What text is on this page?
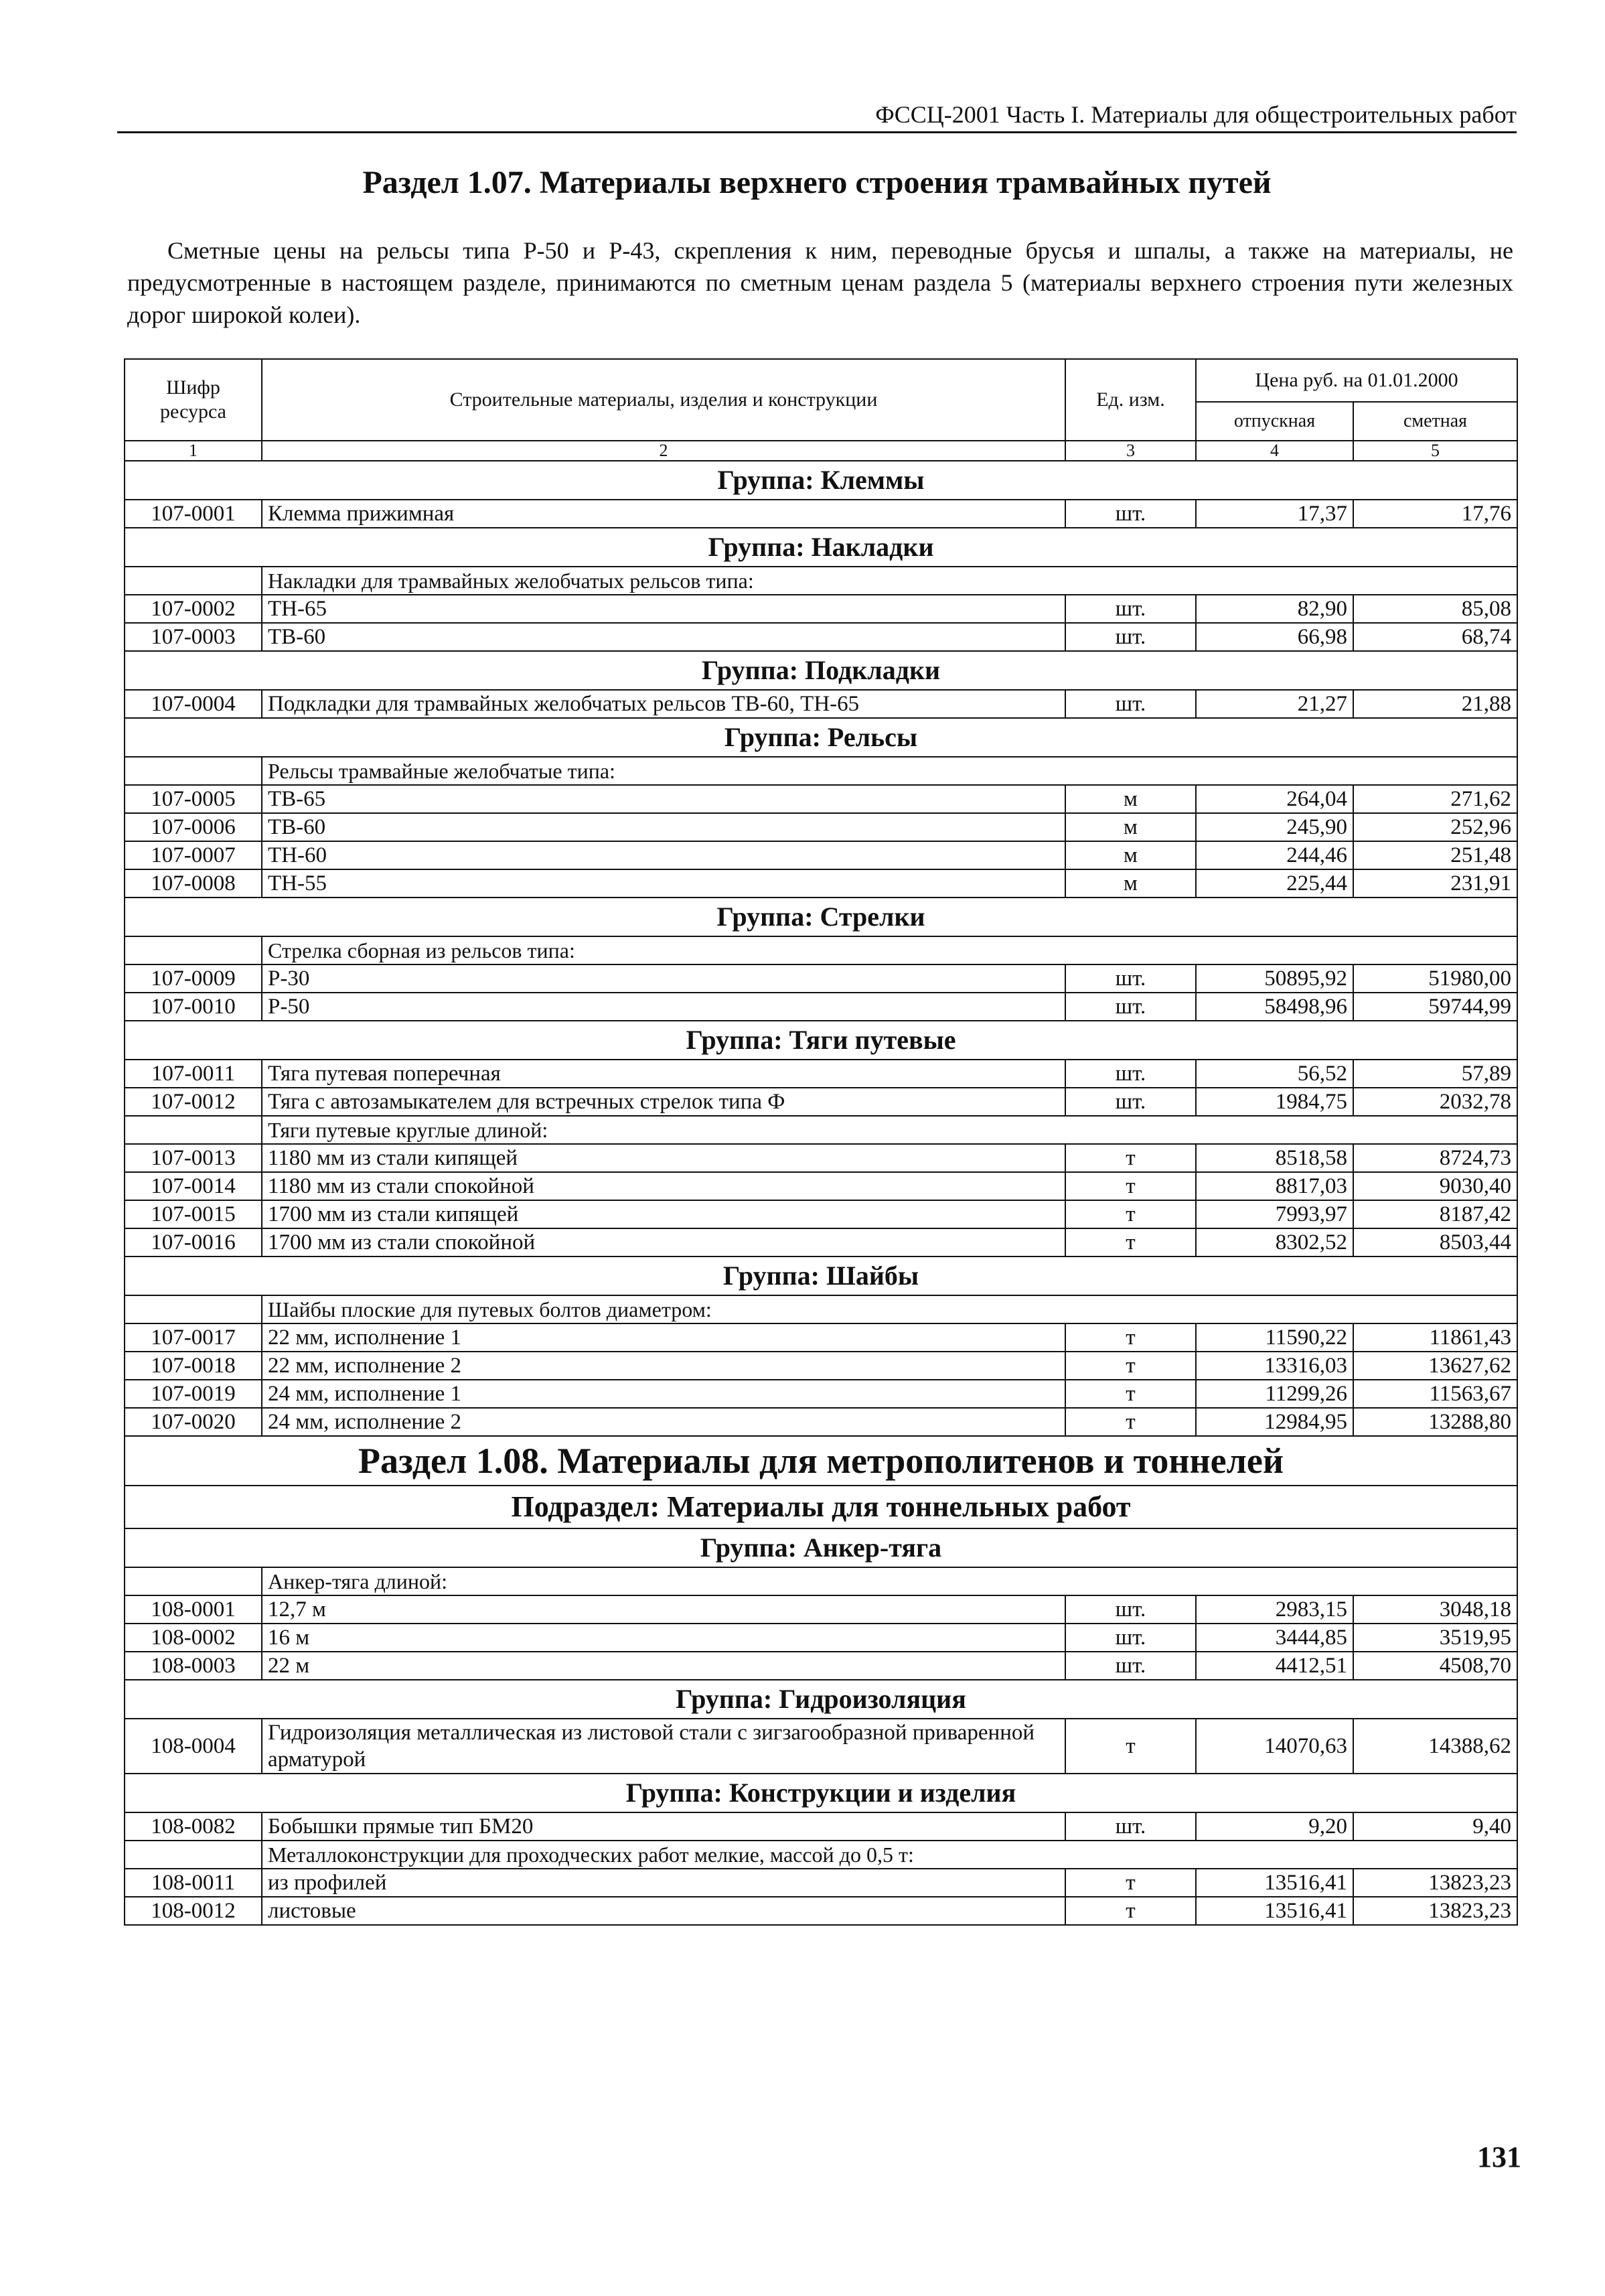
ФССЦ-2001 Часть I. Материалы для общестроительных работ
Раздел 1.07. Материалы верхнего строения трамвайных путей
Сметные цены на рельсы типа Р-50 и Р-43, скрепления к ним, переводные брусья и шпалы, а также на материалы, не предусмотренные в настоящем разделе, принимаются по сметным ценам раздела 5 (материалы верхнего строения пути железных дорог широкой колеи).
Шифр ресурса	Строительные материалы, изделия и конструкции	Ед. изм.	Цена руб. на 01.01.2000	
			отпускная	сметная
1	2	3	4	5
Группа: Клеммы				
107-0001	Клемма прижимная	шт.	17,37	17,76
Группа: Накладки				
	Накладки для трамвайных желобчатых рельсов типа:			
107-0002	ТН-65	шт.	82,90	85,08
107-0003	ТВ-60	шт.	66,98	68,74
Группа: Подкладки				
107-0004	Подкладки для трамвайных желобчатых рельсов ТВ-60, ТН-65	шт.	21,27	21,88
Группа: Рельсы				
	Рельсы трамвайные желобчатые типа:			
107-0005	ТВ-65	м	264,04	271,62
107-0006	ТВ-60	м	245,90	252,96
107-0007	ТН-60	м	244,46	251,48
107-0008	ТН-55	м	225,44	231,91
Группа: Стрелки				
	Стрелка сборная из рельсов типа:			
107-0009	Р-30	шт.	50895,92	51980,00
107-0010	Р-50	шт.	58498,96	59744,99
Группа: Тяги путевые				
107-0011	Тяга путевая поперечная	шт.	56,52	57,89
107-0012	Тяга с автозамыкателем для встречных стрелок типа Ф	шт.	1984,75	2032,78
	Тяги путевые круглые длиной:			
107-0013	1180 мм из стали кипящей	т	8518,58	8724,73
107-0014	1180 мм из стали спокойной	т	8817,03	9030,40
107-0015	1700 мм из стали кипящей	т	7993,97	8187,42
107-0016	1700 мм из стали спокойной	т	8302,52	8503,44
Группа: Шайбы				
	Шайбы плоские для путевых болтов диаметром:			
107-0017	22 мм, исполнение 1	т	11590,22	11861,43
107-0018	22 мм, исполнение 2	т	13316,03	13627,62
107-0019	24 мм, исполнение 1	т	11299,26	11563,67
107-0020	24 мм, исполнение 2	т	12984,95	13288,80
Раздел 1.08. Материалы для метрополитенов и тоннелей				
Подраздел: Материалы для тоннельных работ				
Группа: Анкер-тяга				
	Анкер-тяга длиной:			
108-0001	12,7 м	шт.	2983,15	3048,18
108-0002	16 м	шт.	3444,85	3519,95
108-0003	22 м	шт.	4412,51	4508,70
Группа: Гидроизоляция				
108-0004	Гидроизоляция металлическая из листовой стали с зигзагообразной приваренной арматурой	т	14070,63	14388,62
Группа: Конструкции и изделия				
108-0082	Бобышки прямые тип БМ20	шт.	9,20	9,40
	Металлоконструкции для проходческих работ мелкие, массой до 0,5 т:			
108-0011	из профилей	т	13516,41	13823,23
108-0012	листовые	т	13516,41	13823,23
131
